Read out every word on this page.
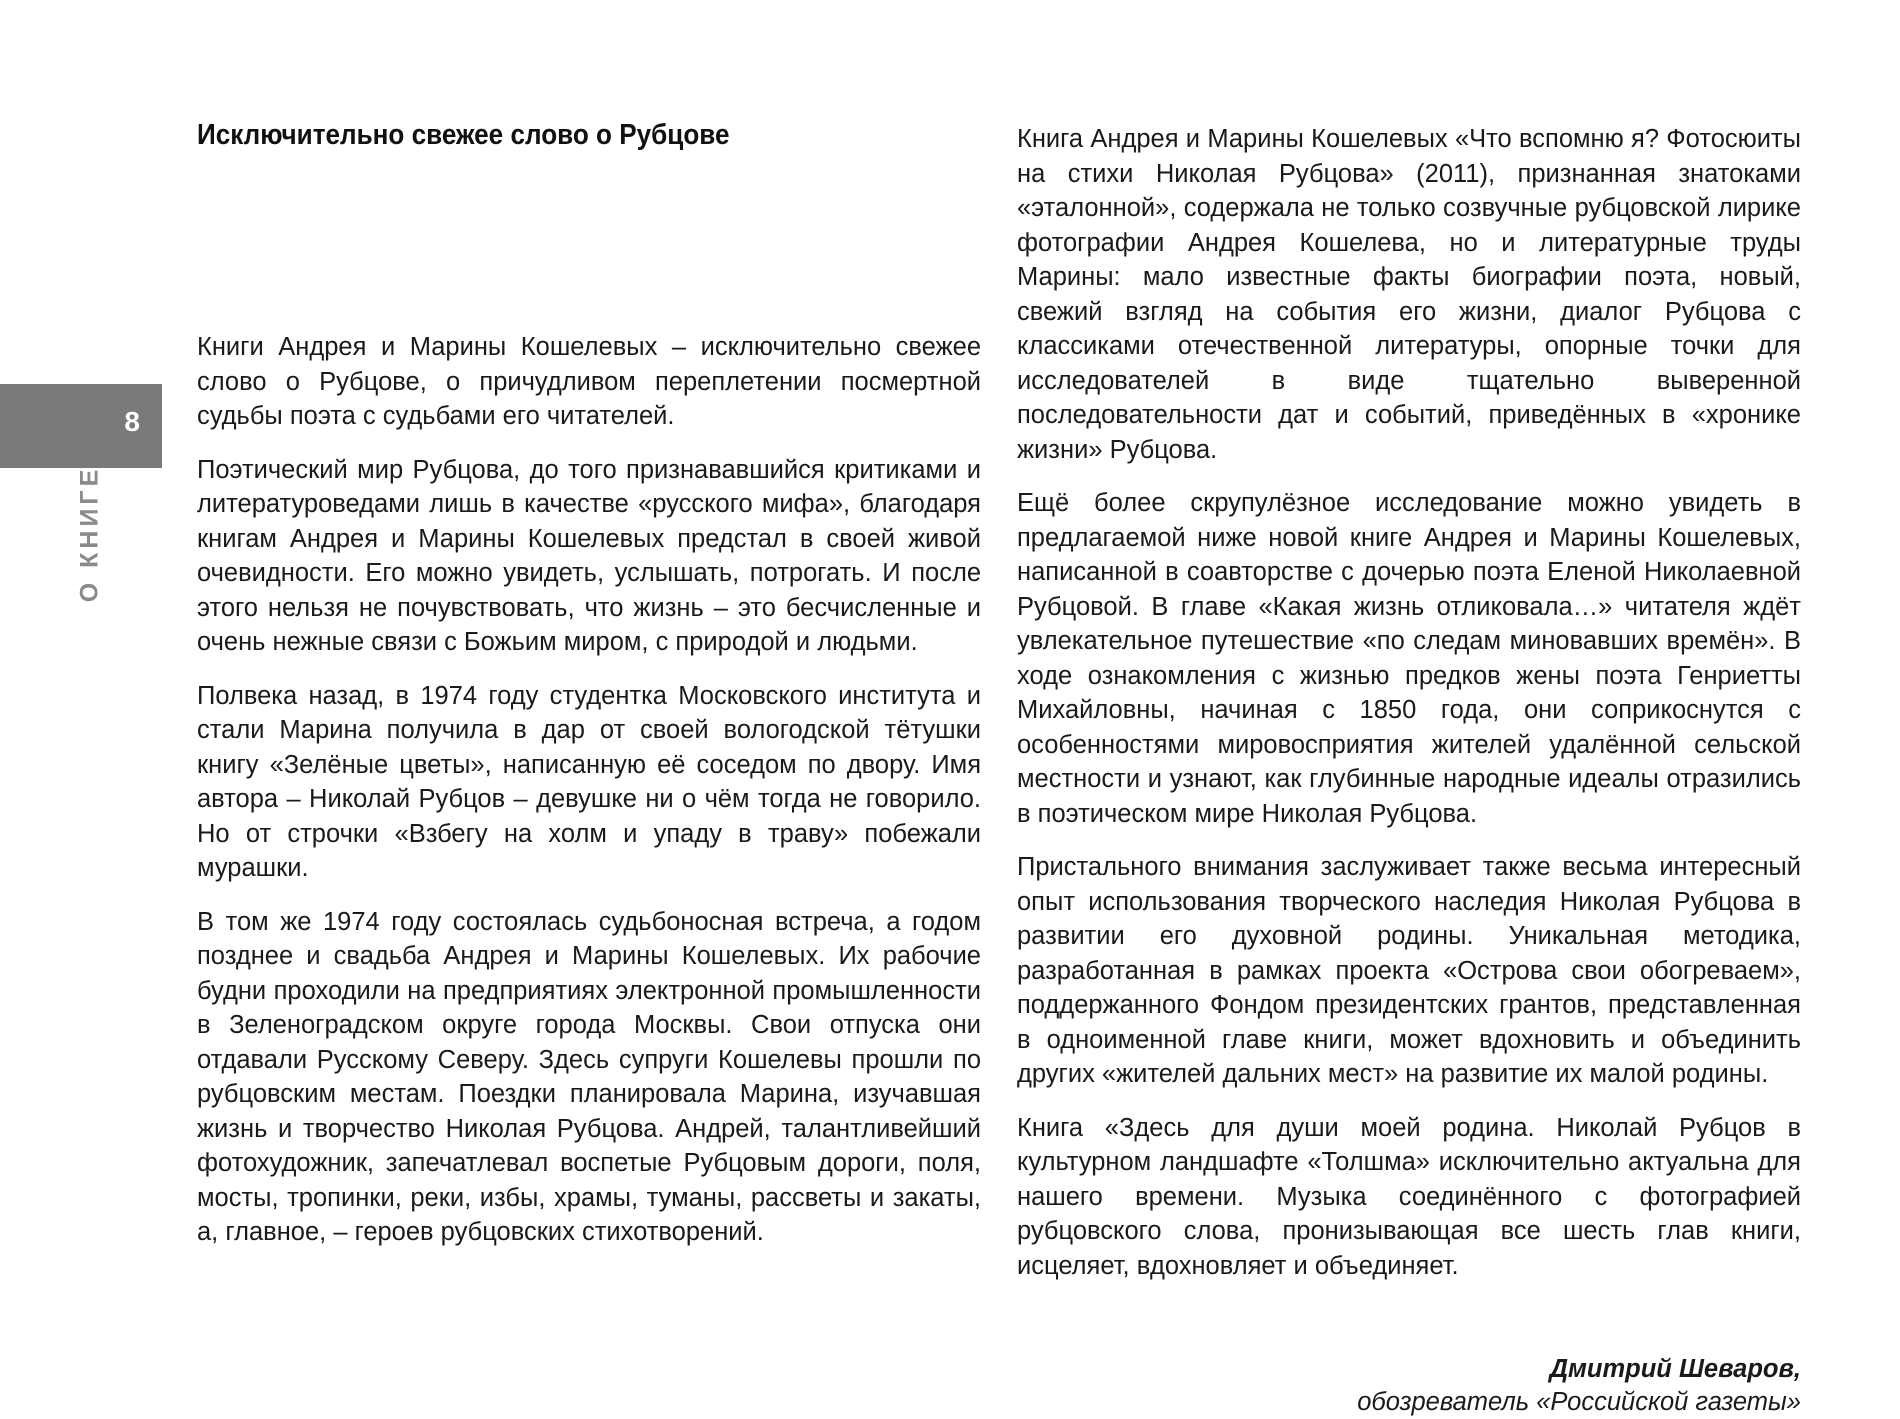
8
О КНИГЕ
Исключительно свежее слово о Рубцове

Книги Андрея и Марины Кошелевых – исключительно свежее слово о Рубцове, о причудливом переплетении посмертной судьбы поэта с судьбами его читателей.

Поэтический мир Рубцова, до того признававшийся критиками и литературоведами лишь в качестве «русского мифа», благодаря книгам Андрея и Марины Кошелевых предстал в своей живой очевидности. Его можно увидеть, услышать, потрогать. И после этого нельзя не почувствовать, что жизнь – это бесчисленные и очень нежные связи с Божьим миром, с природой и людьми.

Полвека назад, в 1974 году студентка Московского института и стали Марина получила в дар от своей вологодской тётушки книгу «Зелёные цветы», написанную её соседом по двору. Имя автора – Николай Рубцов – девушке ни о чём тогда не говорило. Но от строчки «Взбегу на холм и упаду в траву» побежали мурашки.

В том же 1974 году состоялась судьбоносная встреча, а годом позднее и свадьба Андрея и Марины Кошелевых. Их рабочие будни проходили на предприятиях электронной промышленности в Зеленоградском округе города Москвы. Свои отпуска они отдавали Русскому Северу. Здесь супруги Кошелевы прошли по рубцовским местам. Поездки планировала Марина, изучавшая жизнь и творчество Николая Рубцова. Андрей, талантливейший фотохудожник, запечатлевал воспетые Рубцовым дороги, поля, мосты, тропинки, реки, избы, храмы, туманы, рассветы и закаты, а, главное, – героев рубцовских стихотворений.

Книга Андрея и Марины Кошелевых «Что вспомню я? Фотосюиты на стихи Николая Рубцова» (2011), признанная знатоками «эталонной», содержала не только созвучные рубцовской лирике фотографии Андрея Кошелева, но и литературные труды Марины: мало известные факты биографии поэта, новый, свежий взгляд на события его жизни, диалог Рубцова с классиками отечественной литературы, опорные точки для исследователей в виде тщательно выверенной последовательности дат и событий, приведённых в «хронике жизни» Рубцова.

Ещё более скрупулёзное исследование можно увидеть в предлагаемой ниже новой книге Андрея и Марины Кошелевых, написанной в соавторстве с дочерью поэта Еленой Николаевной Рубцовой. В главе «Какая жизнь отликовала…» читателя ждёт увлекательное путешествие «по следам миновавших времён». В ходе ознакомления с жизнью предков жены поэта Генриетты Михайловны, начиная с 1850 года, они соприкоснутся с особенностями мировосприятия жителей удалённой сельской местности и узнают, как глубинные народные идеалы отразились в поэтическом мире Николая Рубцова.

Пристального внимания заслуживает также весьма интересный опыт использования творческого наследия Николая Рубцова в развитии его духовной родины. Уникальная методика, разработанная в рамках проекта «Острова свои обогреваем», поддержанного Фондом президентских грантов, представленная в одноименной главе книги, может вдохновить и объединить других «жителей дальних мест» на развитие их малой родины.

Книга «Здесь для души моей родина. Николай Рубцов в культурном ландшафте «Толшма» исключительно актуальна для нашего времени. Музыка соединённого с фотографией рубцовского слова, пронизывающая все шесть глав книги, исцеляет, вдохновляет и объединяет.

Дмитрий Шеваров,
обозреватель «Российской газеты»
